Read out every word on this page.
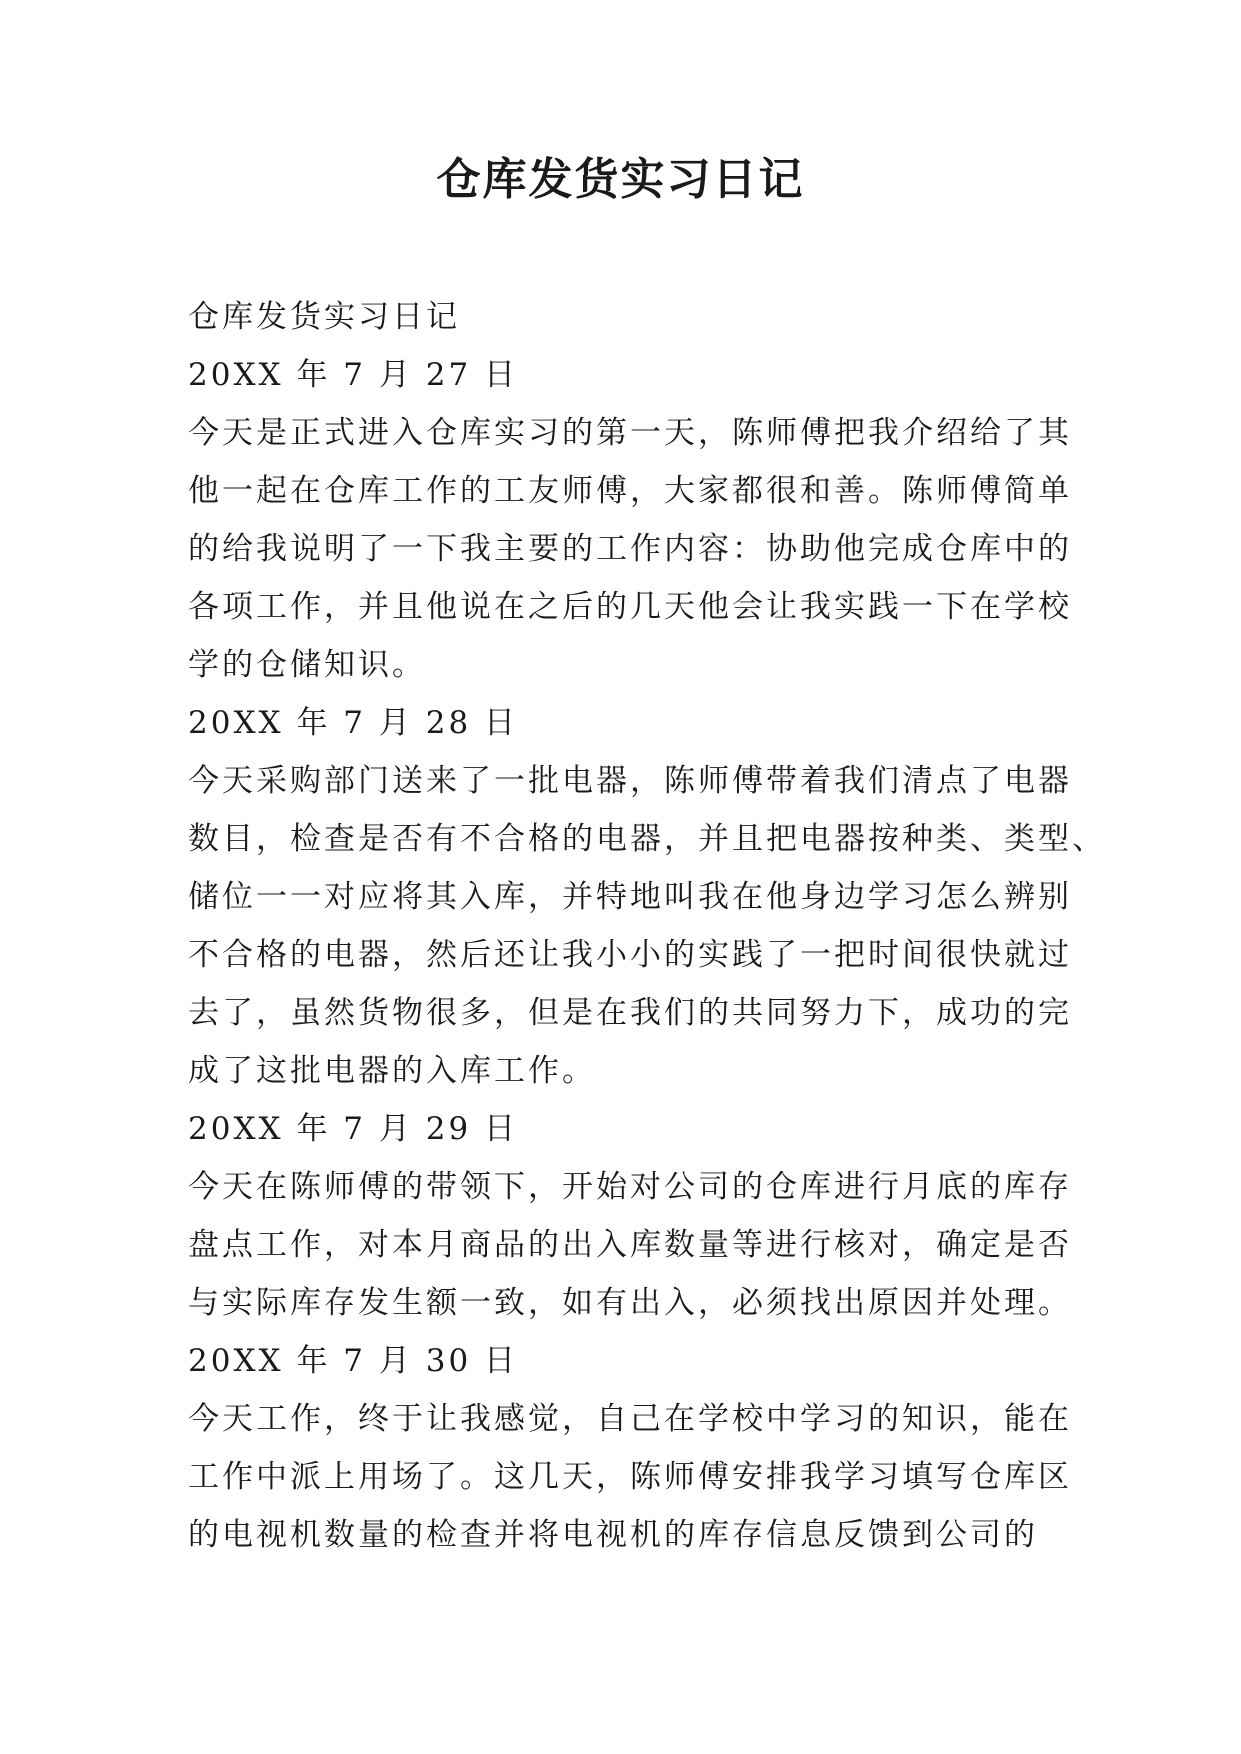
仓库发货实习日记

仓库发货实习日记

20XX 年 7 月 27 日

今天是正式进入仓库实习的第一天，陈师傅把我介绍给了其
他一起在仓库工作的工友师傅，大家都很和善。陈师傅简单
的给我说明了一下我主要的工作内容：协助他完成仓库中的
各项工作，并且他说在之后的几天他会让我实践一下在学校
学的仓储知识。

20XX 年 7 月 28 日

今天采购部门送来了一批电器，陈师傅带着我们清点了电器
数目，检查是否有不合格的电器，并且把电器按种类、类型、
储位一一对应将其入库，并特地叫我在他身边学习怎么辨别
不合格的电器，然后还让我小小的实践了一把时间很快就过
去了，虽然货物很多，但是在我们的共同努力下，成功的完
成了这批电器的入库工作。

20XX 年 7 月 29 日

今天在陈师傅的带领下，开始对公司的仓库进行月底的库存
盘点工作，对本月商品的出入库数量等进行核对，确定是否
与实际库存发生额一致，如有出入，必须找出原因并处理。

20XX 年 7 月 30 日

今天工作，终于让我感觉，自己在学校中学习的知识，能在
工作中派上用场了。这几天，陈师傅安排我学习填写仓库区
的电视机数量的检查并将电视机的库存信息反馈到公司的
